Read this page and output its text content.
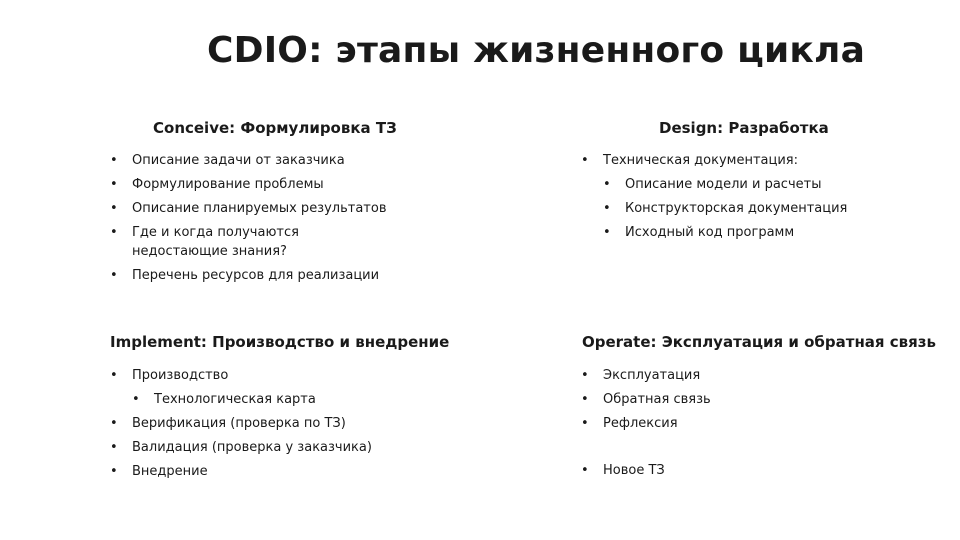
CDIO: этапы жизненного цикла
Conceive: Формулировка ТЗ
• Описание задачи от заказчика
• Формулирование проблемы
• Описание планируемых результатов
• Где и когда получаются недостающие знания?
• Перечень ресурсов для реализации
Design: Разработка
• Техническая документация:
• Описание модели и расчеты
• Конструкторская документация
• Исходный код программ
Implement: Производство и внедрение
• Производство
• Технологическая карта
• Верификация (проверка по ТЗ)
• Валидация (проверка у заказчика)
• Внедрение
Operate: Эксплуатация и обратная связь
• Эксплуатация
• Обратная связь
• Рефлексия
• Новое ТЗ
